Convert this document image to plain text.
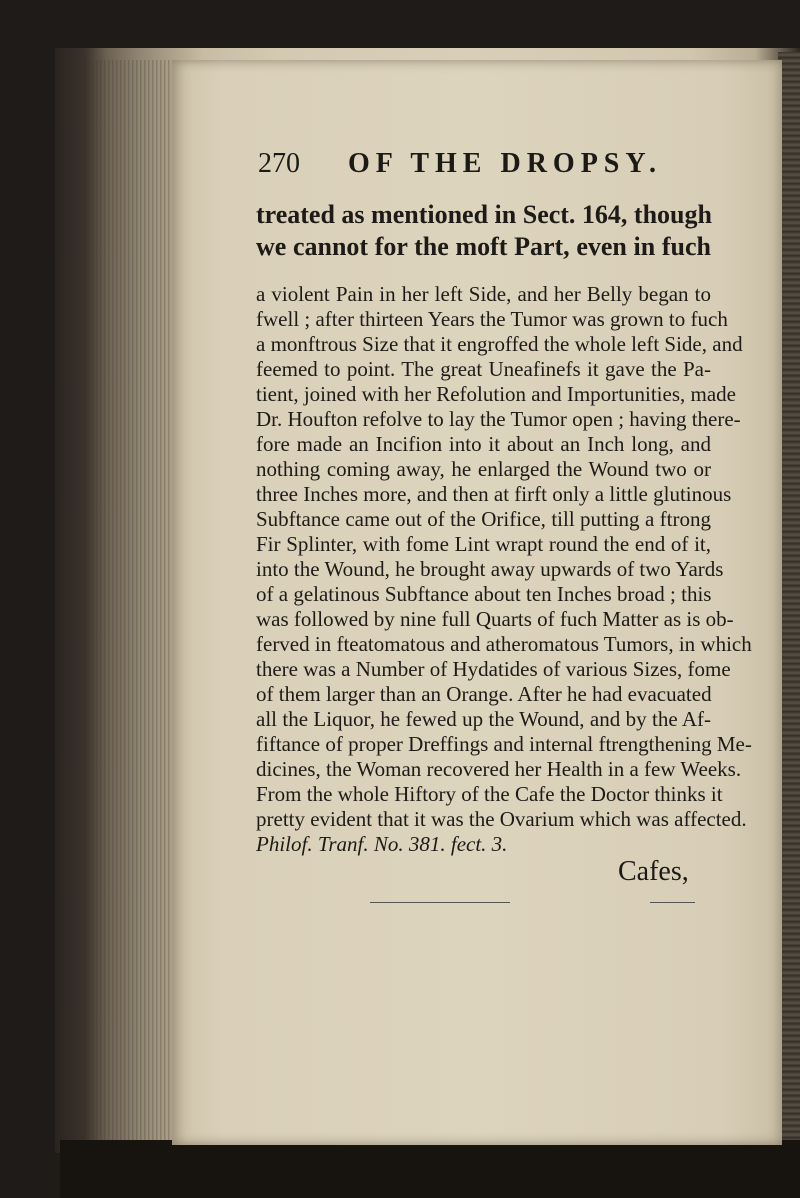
270 OF THE DROPSY.
treated as mentioned in Sect. 164, though
we cannot for the moft Part, even in fuch
a violent Pain in her left Side, and her Belly began to
fwell ; after thirteen Years the Tumor was grown to fuch
a monftrous Size that it engroffed the whole left Side, and
feemed to point. The great Uneafinefs it gave the Pa-
tient, joined with her Refolution and Importunities, made
Dr. Houfton refolve to lay the Tumor open ; having there-
fore made an Incifion into it about an Inch long, and
nothing coming away, he enlarged the Wound two or
three Inches more, and then at firft only a little glutinous
Subftance came out of the Orifice, till putting a ftrong
Fir Splinter, with fome Lint wrapt round the end of it,
into the Wound, he brought away upwards of two Yards
of a gelatinous Subftance about ten Inches broad ; this
was followed by nine full Quarts of fuch Matter as is ob-
ferved in fteatomatous and atheromatous Tumors, in which
there was a Number of Hydatides of various Sizes, fome
of them larger than an Orange. After he had evacuated
all the Liquor, he fewed up the Wound, and by the Af-
fiftance of proper Dreffings and internal ftrengthening Me-
dicines, the Woman recovered her Health in a few Weeks.
From the whole Hiftory of the Cafe the Doctor thinks it
pretty evident that it was the Ovarium which was affected.
Philof. Tranf. No. 381. fect. 3.
Cafes,
